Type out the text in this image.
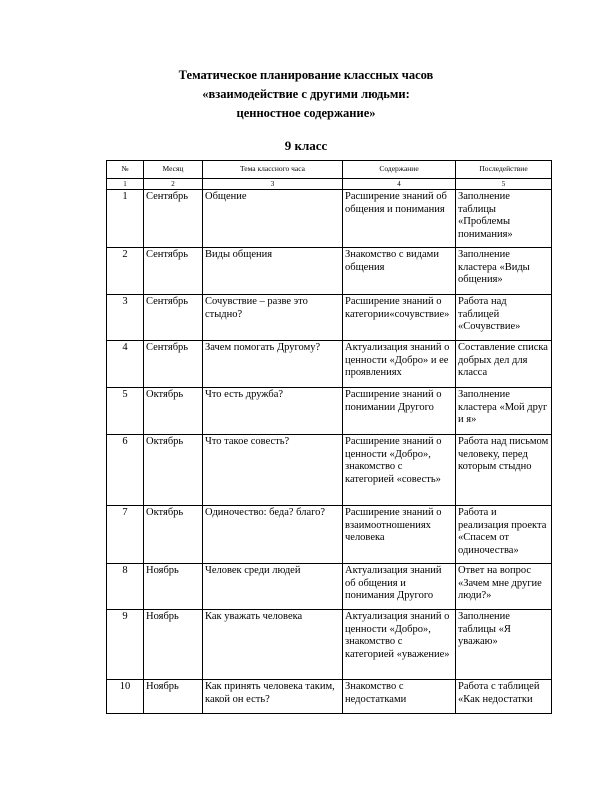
Тематическое планирование классных часов
«взаимодействие с другими людьми:
ценностное содержание»
9 класс
№	Месяц	Тема классного часа	Содержание	Последействие
1	2	3	4	5
1	Сентябрь	Общение	Расширение знаний об общения и понимания	Заполнение таблицы «Проблемы понимания»
2	Сентябрь	Виды общения	Знакомство с видами общения	Заполнение кластера «Виды общения»
3	Сентябрь	Сочувствие – разве это стыдно?	Расширение знаний о категории«сочувствие»	Работа над таблицей «Сочувствие»
4	Сентябрь	Зачем помогать Другому?	Актуализация знаний о ценности «Добро» и ее проявлениях	Составление списка добрых дел для класса
5	Октябрь	Что есть дружба?	Расширение знаний о понимании Другого	Заполнение кластера «Мой друг и я»
6	Октябрь	Что такое совесть?	Расширение знаний о ценности «Добро», знакомство с категорией «совесть»	Работа над письмом человеку, перед которым стыдно
7	Октябрь	Одиночество: беда? благо?	Расширение знаний о взаимоотношениях человека	Работа и реализация проекта «Спасем от одиночества»
8	Ноябрь	Человек среди людей	Актуализация знаний об общения и понимания Другого	Ответ на вопрос «Зачем мне другие люди?»
9	Ноябрь	Как уважать человека	Актуализация знаний о ценности «Добро», знакомство с категорией «уважение»	Заполнение таблицы «Я уважаю»
10	Ноябрь	Как принять человека таким, какой он есть?	Знакомство с недостатками	Работа с таблицей «Как недостатки
